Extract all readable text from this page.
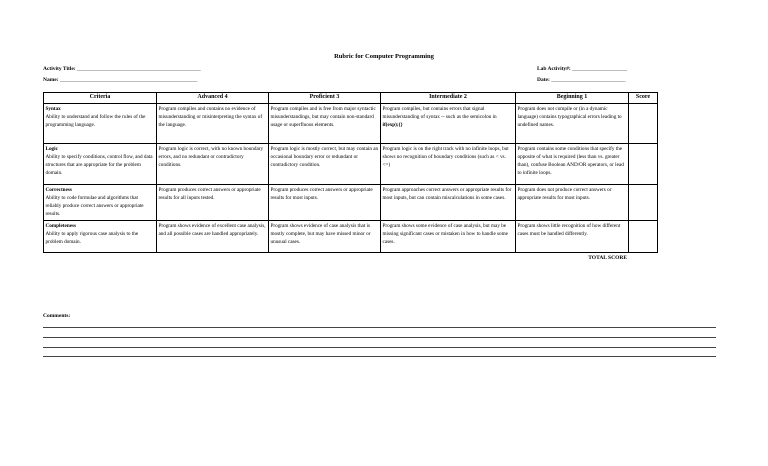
Rubric for Computer Programming
Activity Title: _____________________________________________
Name: __________________________________________________
Lab Activity#: ____________________
Date: ___________________________
Criteria	Advanced 4	Proficient 3	Intermediate 2	Beginning 1	Score

Syntax
Ability to understand and follow the rules of the programming language.	Program compiles and contains no evidence of misunderstanding or misinterpreting the syntax of the language.	Program compiles and is free from major syntactic misunderstandings, but may contain non-standard usage or superfluous elements.	Program compiles, but contains errors that signal misunderstanding of syntax -- such as the semicolon in if(exp);{}	Program does not compile or (in a dynamic language) contains typographical errors leading to undefined names.	

Logic
Ability to specify conditions, control flow, and data structures that are appropriate for the problem domain.	Program logic is correct, with no known boundary errors, and no redundant or contradictory conditions.	Program logic is mostly correct, but may contain an occasional boundary error or redundant or contradictory condition.	Program logic is on the right track with no infinite loops, but shows no recognition of boundary conditions (such as < vs. <=)	Program contains some conditions that specify the opposite of what is required (less than vs. greater than), confuse Boolean AND/OR operators, or lead to infinite loops.	

Correctness
Ability to code formulae and algorithms that reliably produce correct answers or appropriate results.	Program produces correct answers or appropriate results for all inputs tested.	Program produces correct answers or appropriate results for most inputs.	Program approaches correct answers or appropriate results for most inputs, but can contain miscalculations in some cases.	Program does not produce correct answers or appropriate results for most inputs.	

Completeness
Ability to apply rigorous case analysis to the problem domain.	Program shows evidence of excellent case analysis, and all possible cases are handled appropriately.	Program shows evidence of case analysis that is mostly complete, but may have missed minor or unusual cases.	Program shows some evidence of case analysis, but may be missing significant cases or mistaken in how to handle some cases.	Program shows little recognition of how different cases must be handled differently.	
TOTAL SCORE					
Comments:
